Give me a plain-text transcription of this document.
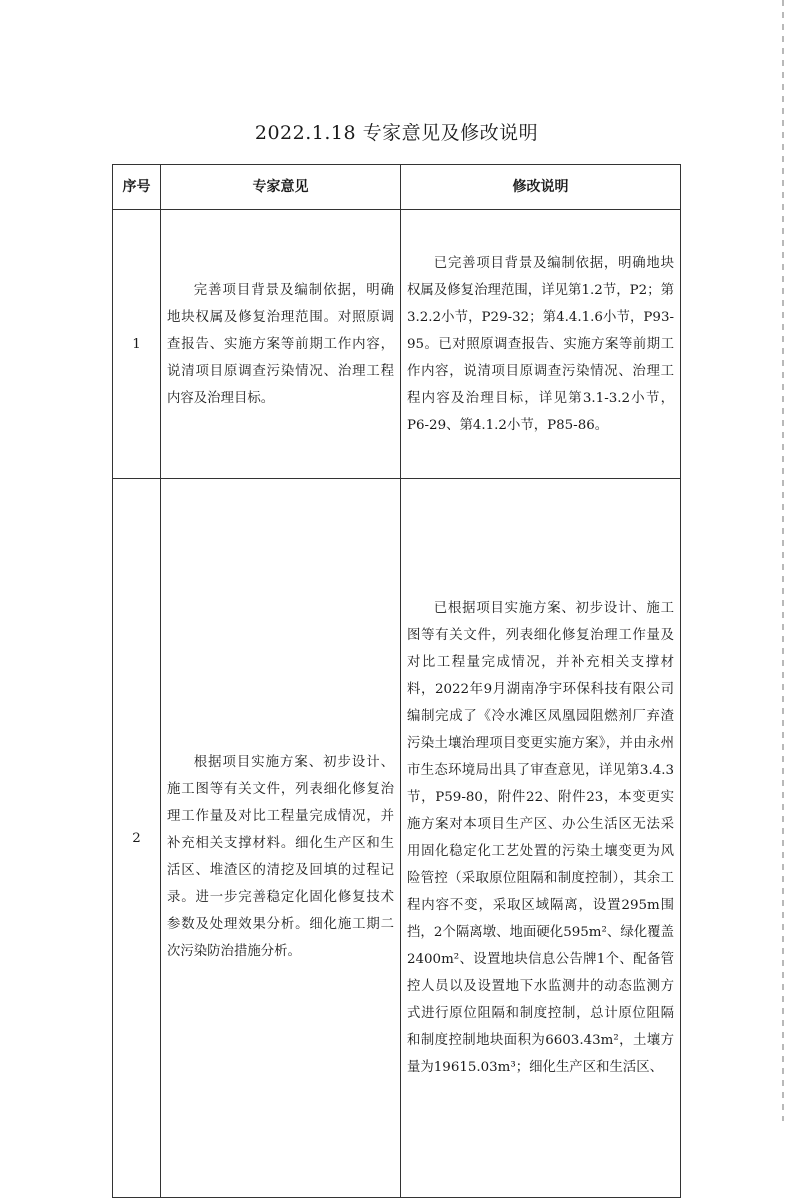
2022.1.18 专家意见及修改说明
序号	专家意见	修改说明
1	完善项目背景及编制依据，明确地块权属及修复治理范围。对照原调查报告、实施方案等前期工作内容，说清项目原调查污染情况、治理工程内容及治理目标。	已完善项目背景及编制依据，明确地块权属及修复治理范围，详见第1.2节，P2；第3.2.2小节，P29-32；第4.4.1.6小节，P93-95。已对照原调查报告、实施方案等前期工作内容，说清项目原调查污染情况、治理工程内容及治理目标，详见第3.1-3.2小节，P6-29、第4.1.2小节，P85-86。

2	根据项目实施方案、初步设计、施工图等有关文件，列表细化修复治理工作量及对比工程量完成情况，并补充相关支撑材料。细化生产区和生活区、堆渣区的清挖及回填的过程记录。进一步完善稳定化固化修复技术参数及处理效果分析。细化施工期二次污染防治措施分析。	已根据项目实施方案、初步设计、施工图等有关文件，列表细化修复治理工作量及对比工程量完成情况，并补充相关支撑材料，2022年9月湖南净宇环保科技有限公司编制完成了《冷水滩区凤凰园阻燃剂厂弃渣污染土壤治理项目变更实施方案》，并由永州市生态环境局出具了审查意见，详见第3.4.3节，P59-80，附件22、附件23，本变更实施方案对本项目生产区、办公生活区无法采用固化稳定化工艺处置的污染土壤变更为风险管控（采取原位阻隔和制度控制），其余工程内容不变，采取区域隔离，设置295m围挡，2个隔离墩、地面硬化595m²、绿化覆盖2400m²、设置地块信息公告牌1个、配备管控人员以及设置地下水监测井的动态监测方式进行原位阻隔和制度控制，总计原位阻隔和制度控制地块面积为6603.43m²，土壤方量为19615.03m³；细化生产区和生活区、
